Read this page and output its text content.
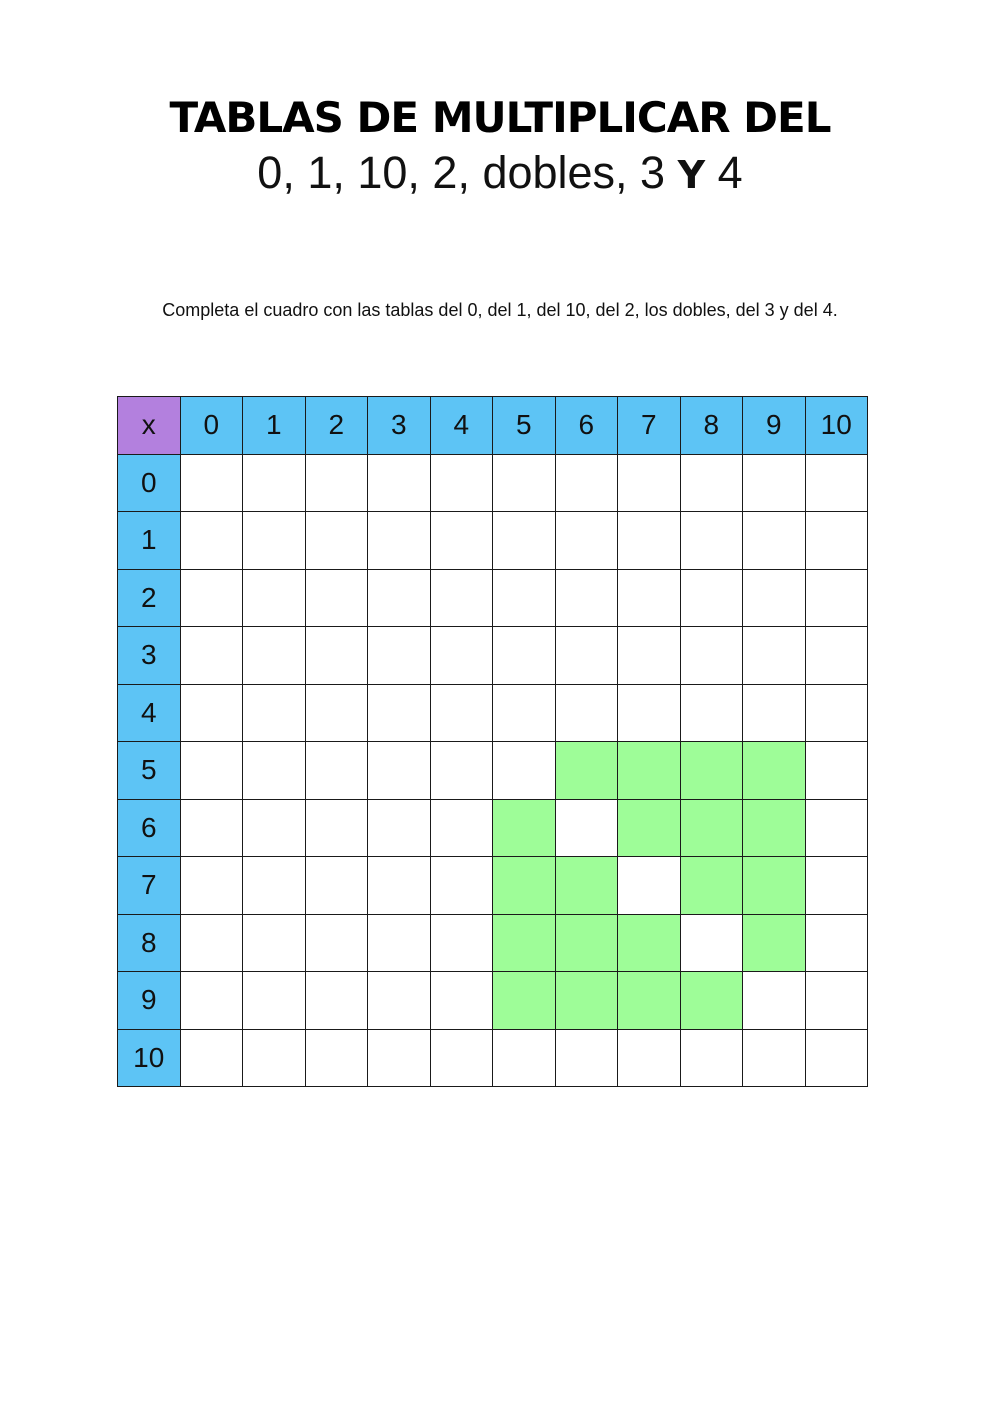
TABLAS DE MULTIPLICAR DEL
0, 1, 10, 2, dobles, 3 Y 4
Completa el cuadro con las tablas del 0, del 1, del 10, del 2, los dobles, del 3 y del 4.
x	0	1	2	3	4	5	6	7	8	9	10
0											
1											
2											
3											
4											
5											
6											
7											
8											
9											
10											
